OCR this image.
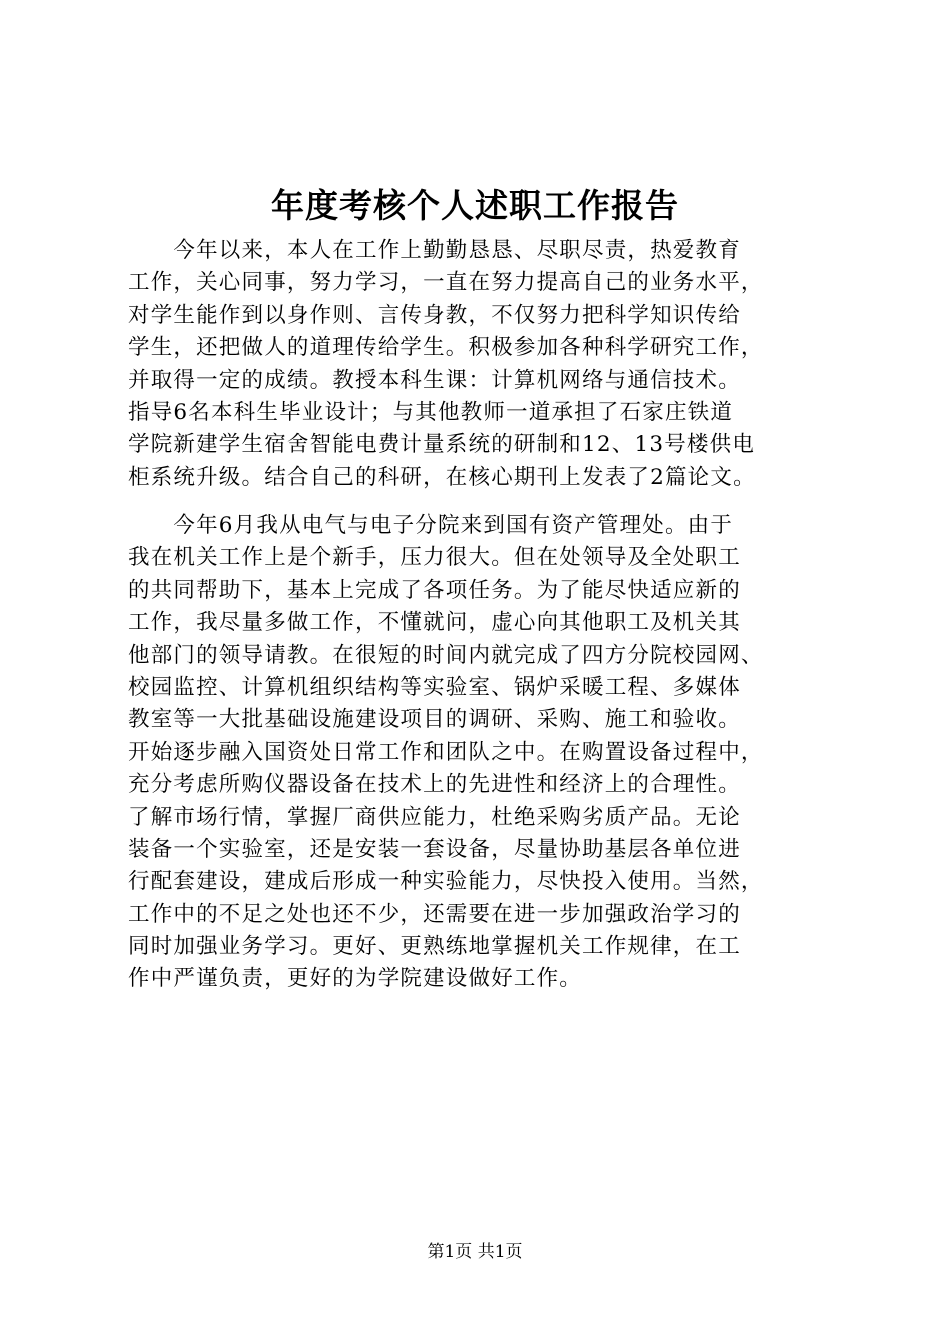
年度考核个人述职工作报告
　　今年以来，本人在工作上勤勤恳恳、尽职尽责，热爱教育
工作，关心同事，努力学习，一直在努力提高自己的业务水平，
对学生能作到以身作则、言传身教，不仅努力把科学知识传给
学生，还把做人的道理传给学生。积极参加各种科学研究工作，
并取得一定的成绩。教授本科生课：计算机网络与通信技术。
指导6名本科生毕业设计；与其他教师一道承担了石家庄铁道
学院新建学生宿舍智能电费计量系统的研制和12、13号楼供电
柜系统升级。结合自己的科研，在核心期刊上发表了2篇论文。
　　今年6月我从电气与电子分院来到国有资产管理处。由于
我在机关工作上是个新手，压力很大。但在处领导及全处职工
的共同帮助下，基本上完成了各项任务。为了能尽快适应新的
工作，我尽量多做工作，不懂就问，虚心向其他职工及机关其
他部门的领导请教。在很短的时间内就完成了四方分院校园网、
校园监控、计算机组织结构等实验室、锅炉采暖工程、多媒体
教室等一大批基础设施建设项目的调研、采购、施工和验收。
开始逐步融入国资处日常工作和团队之中。在购置设备过程中，
充分考虑所购仪器设备在技术上的先进性和经济上的合理性。
了解市场行情，掌握厂商供应能力，杜绝采购劣质产品。无论
装备一个实验室，还是安装一套设备，尽量协助基层各单位进
行配套建设，建成后形成一种实验能力，尽快投入使用。当然，
工作中的不足之处也还不少，还需要在进一步加强政治学习的
同时加强业务学习。更好、更熟练地掌握机关工作规律，在工
作中严谨负责，更好的为学院建设做好工作。
第1页 共1页
